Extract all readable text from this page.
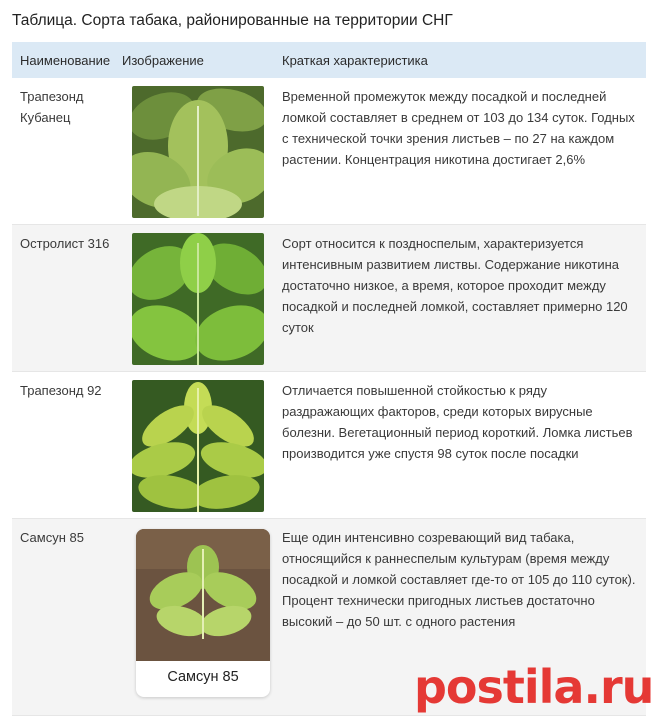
Таблица. Сорта табака, районированные на территории СНГ
Наименование	Изображение	Краткая характеристика
Трапезонд Кубанец		Временной промежуток между посадкой и последней ломкой составляет в среднем от 103 до 134 суток. Годных с технической точки зрения листьев – по 27 на каждом растении. Концентрация никотина достигает 2,6%
Остролист 316		Сорт относится к поздноспелым, характеризуется интенсивным развитием листвы. Содержание никотина достаточно низкое, а время, которое проходит между посадкой и последней ломкой, составляет примерно 120 суток
Трапезонд 92		Отличается повышенной стойкостью к ряду раздражающих факторов, среди которых вирусные болезни. Вегетационный период короткий. Ломка листьев производится уже спустя 98 суток после посадки
Самсун 85	Самсун 85	Еще один интенсивно созревающий вид табака, относящийся к раннеспелым культурам (время между посадкой и ломкой составляет где-то от 105 до 110 суток). Процент технически пригодных листьев достаточно высокий – до 50 шт. с одного растения
postila.ru
